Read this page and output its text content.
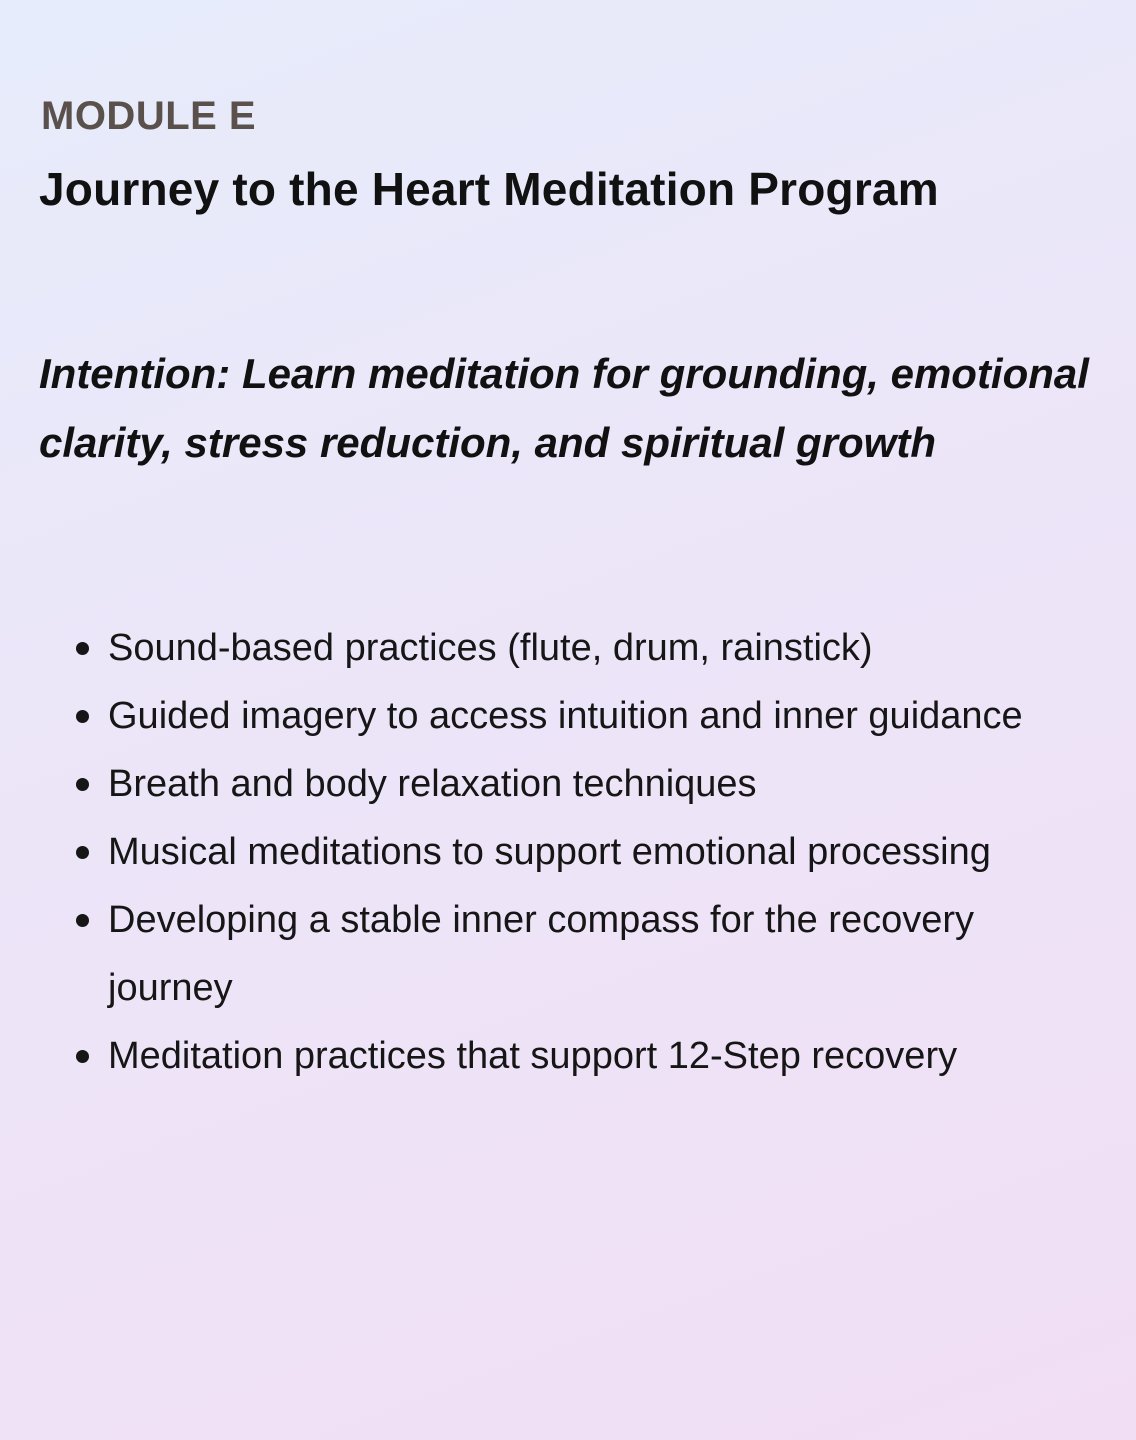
MODULE E
Journey to the Heart Meditation Program

Intention: Learn meditation for grounding, emotional clarity, stress reduction, and spiritual growth

Sound-based practices (flute, drum, rainstick)
Guided imagery to access intuition and inner guidance
Breath and body relaxation techniques
Musical meditations to support emotional processing
Developing a stable inner compass for the recovery journey
Meditation practices that support 12-Step recovery
